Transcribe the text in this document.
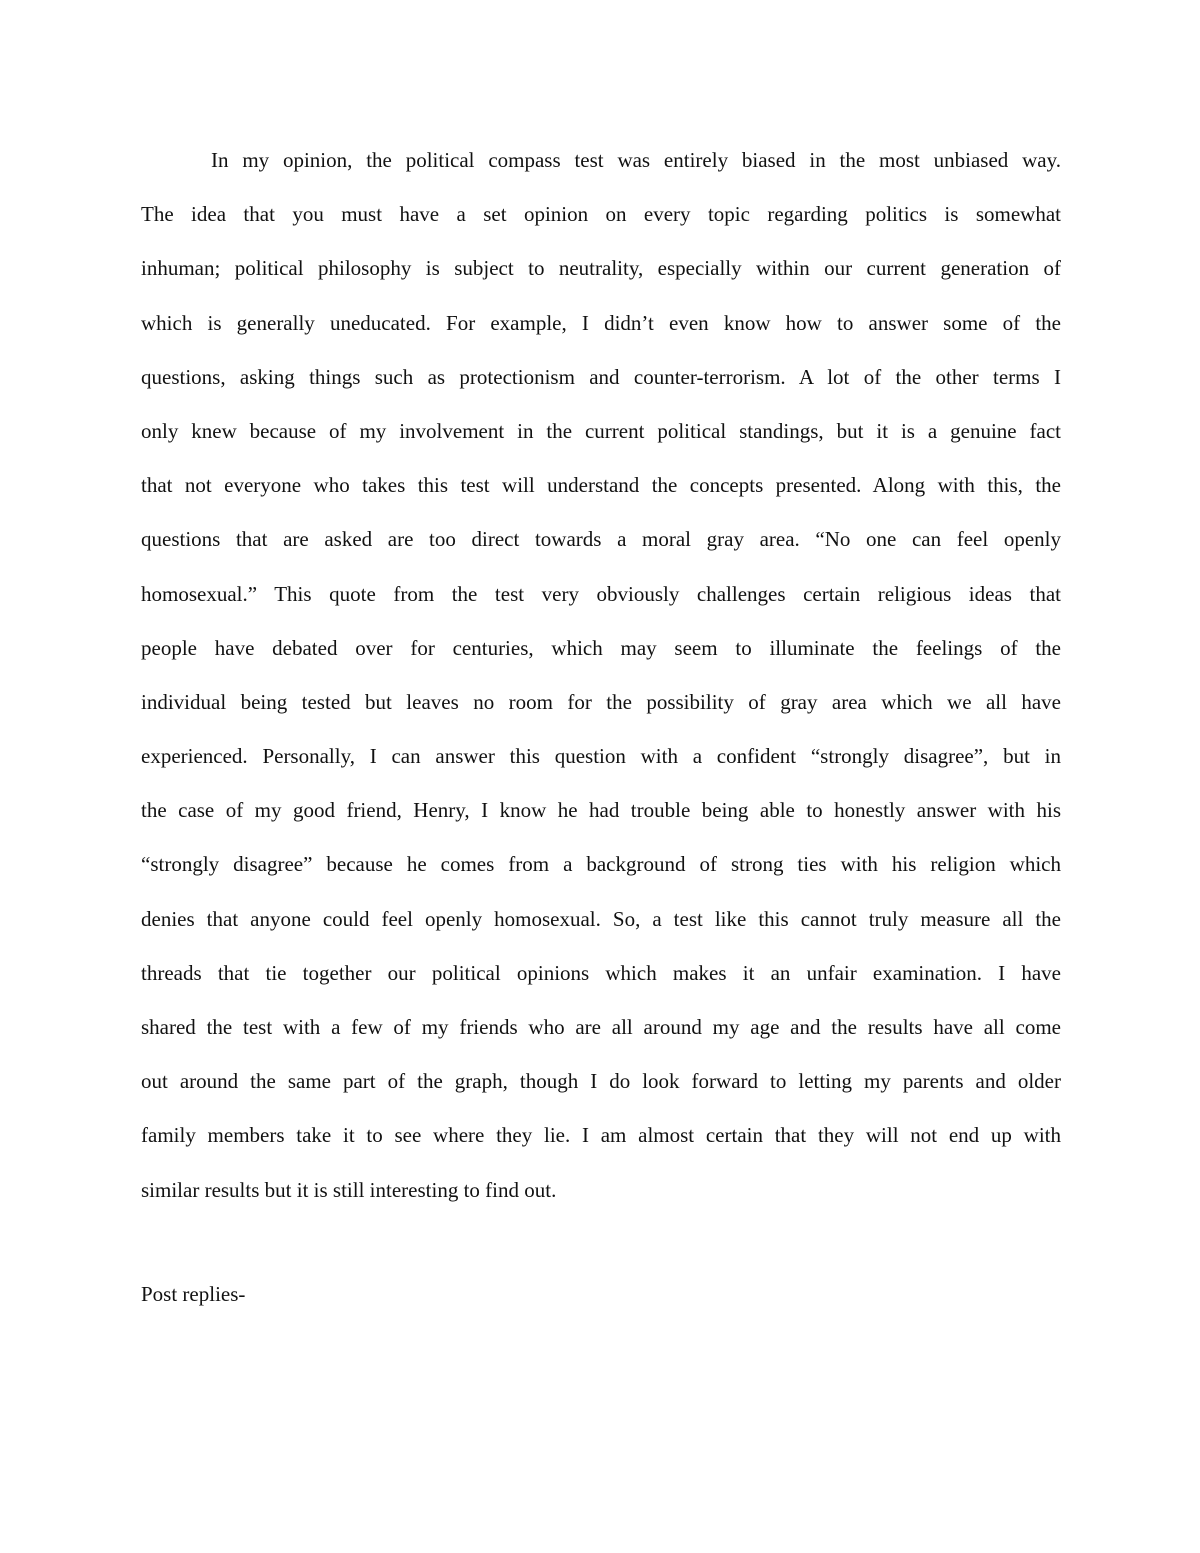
In my opinion, the political compass test was entirely biased in the most unbiased way.
The idea that you must have a set opinion on every topic regarding politics is somewhat
inhuman; political philosophy is subject to neutrality, especially within our current generation of
which is generally uneducated. For example, I didn’t even know how to answer some of the
questions, asking things such as protectionism and counter-terrorism. A lot of the other terms I
only knew because of my involvement in the current political standings, but it is a genuine fact
that not everyone who takes this test will understand the concepts presented. Along with this, the
questions that are asked are too direct towards a moral gray area. “No one can feel openly
homosexual.” This quote from the test very obviously challenges certain religious ideas that
people have debated over for centuries, which may seem to illuminate the feelings of the
individual being tested but leaves no room for the possibility of gray area which we all have
experienced. Personally, I can answer this question with a confident “strongly disagree”, but in
the case of my good friend, Henry, I know he had trouble being able to honestly answer with his
“strongly disagree” because he comes from a background of strong ties with his religion which
denies that anyone could feel openly homosexual. So, a test like this cannot truly measure all the
threads that tie together our political opinions which makes it an unfair examination. I have
shared the test with a few of my friends who are all around my age and the results have all come
out around the same part of the graph, though I do look forward to letting my parents and older
family members take it to see where they lie. I am almost certain that they will not end up with
similar results but it is still interesting to find out.
Post replies-
